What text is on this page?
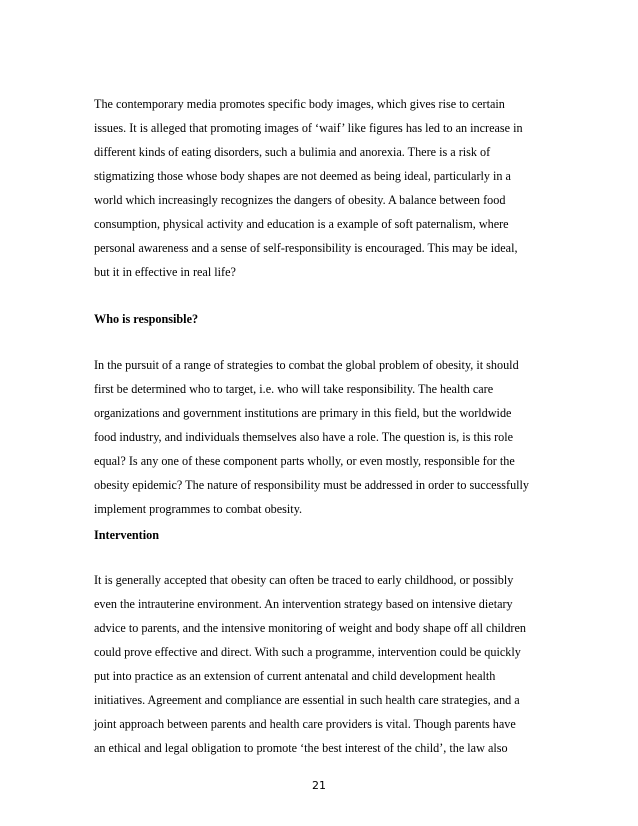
The contemporary media promotes specific body images, which gives rise to certain
issues. It is alleged that promoting images of ‘waif’ like figures has led to an increase in
different kinds of eating disorders, such a bulimia and anorexia. There is a risk of
stigmatizing those whose body shapes are not deemed as being ideal, particularly in a
world which increasingly recognizes the dangers of obesity. A balance between food
consumption, physical activity and education is a example of soft paternalism, where
personal awareness and a sense of self-responsibility is encouraged. This may be ideal,
but it in effective in real life?
Who is responsible?
In the pursuit of a range of strategies to combat the global problem of obesity, it should
first be determined who to target, i.e. who will take responsibility. The health care
organizations and government institutions are primary in this field, but the worldwide
food industry, and individuals themselves also have a role. The question is, is this role
equal? Is any one of these component parts wholly, or even mostly, responsible for the
obesity epidemic? The nature of responsibility must be addressed in order to successfully
implement programmes to combat obesity.
Intervention
It is generally accepted that obesity can often be traced to early childhood, or possibly
even the intrauterine environment. An intervention strategy based on intensive dietary
advice to parents, and the intensive monitoring of weight and body shape off all children
could prove effective and direct. With such a programme, intervention could be quickly
put into practice as an extension of current antenatal and child development health
initiatives. Agreement and compliance are essential in such health care strategies, and a
joint approach between parents and health care providers is vital. Though parents have
an ethical and legal obligation to promote ‘the best interest of the child’, the law also
21
